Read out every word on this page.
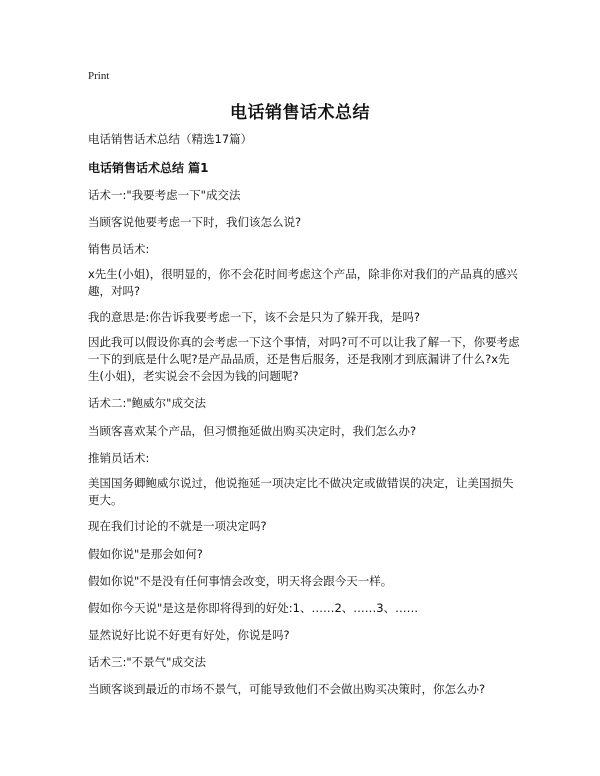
Print
电话销售话术总结
电话销售话术总结（精选17篇）
电话销售话术总结 篇1
话术一:"我要考虑一下"成交法
当顾客说他要考虑一下时，我们该怎么说?
销售员话术:
x先生(小姐)，很明显的，你不会花时间考虑这个产品，除非你对我们的产品真的感兴趣，对吗?
我的意思是:你告诉我要考虑一下，该不会是只为了躲开我，是吗?
因此我可以假设你真的会考虑一下这个事情，对吗?可不可以让我了解一下，你要考虑一下的到底是什么呢?是产品品质，还是售后服务，还是我刚才到底漏讲了什么?x先生(小姐)，老实说会不会因为钱的问题呢?
话术二:"鲍威尔"成交法
当顾客喜欢某个产品，但习惯拖延做出购买决定时，我们怎么办?
推销员话术:
美国国务卿鲍威尔说过，他说拖延一项决定比不做决定或做错误的决定，让美国损失更大。
现在我们讨论的不就是一项决定吗?
假如你说"是那会如何?
假如你说"不是没有任何事情会改变，明天将会跟今天一样。
假如你今天说"是这是你即将得到的好处:1、……2、……3、……
显然说好比说不好更有好处，你说是吗?
话术三:"不景气"成交法
当顾客谈到最近的市场不景气，可能导致他们不会做出购买决策时，你怎么办?
